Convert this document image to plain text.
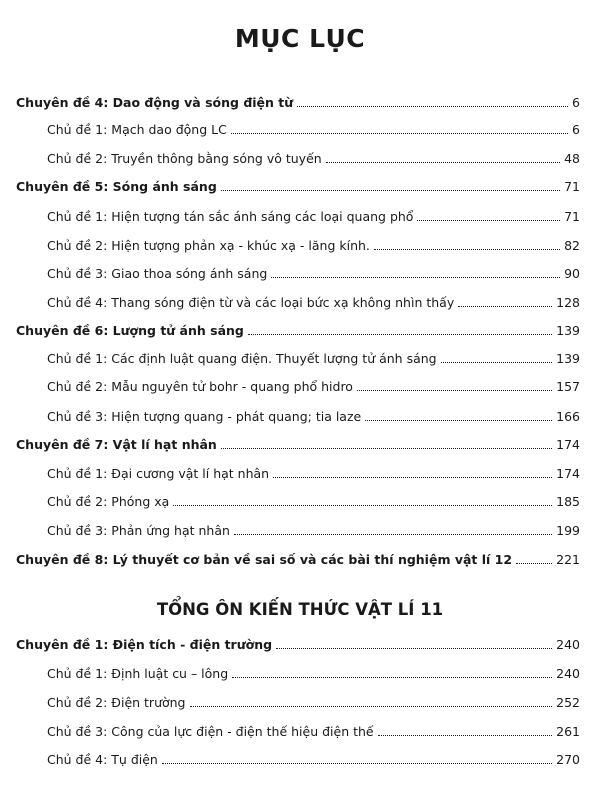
MỤC LỤC
TỔNG ÔN KIẾN THỨC VẬT LÍ 11
Chuyên đề 4: Dao động và sóng điện từ	6
Chủ đề 1: Mạch dao động LC	6
Chủ đề 2: Truyền thông bằng sóng vô tuyến	48
Chuyên đề 5: Sóng ánh sáng	71
Chủ đề 1: Hiện tượng tán sắc ánh sáng các loại quang phổ	71
Chủ đề 2: Hiện tượng phản xạ - khúc xạ - lăng kính.	82
Chủ đề 3: Giao thoa sóng ánh sáng	90
Chủ đề 4: Thang sóng điện từ và các loại bức xạ không nhìn thấy	128
Chuyên đề 6: Lượng tử ánh sáng	139
Chủ đề 1: Các định luật quang điện. Thuyết lượng tử ánh sáng	139
Chủ đề 2: Mẫu nguyên tử bohr - quang phổ hidro	157
Chủ đề 3: Hiện tượng quang - phát quang; tia laze	166
Chuyên đề 7: Vật lí hạt nhân	174
Chủ đề 1: Đại cương vật lí hạt nhân	174
Chủ đề 2: Phóng xạ	185
Chủ đề 3: Phản ứng hạt nhân	199
Chuyên đề 8: Lý thuyết cơ bản về sai số và các bài thí nghiệm vật lí 12	221
Chuyên đề 1: Điện tích - điện trường	240
Chủ đề 1: Định luật cu – lông	240
Chủ đề 2: Điện trường	252
Chủ đề 3: Công của lực điện - điện thế hiệu điện thế	261
Chủ đề 4: Tụ điện	270
